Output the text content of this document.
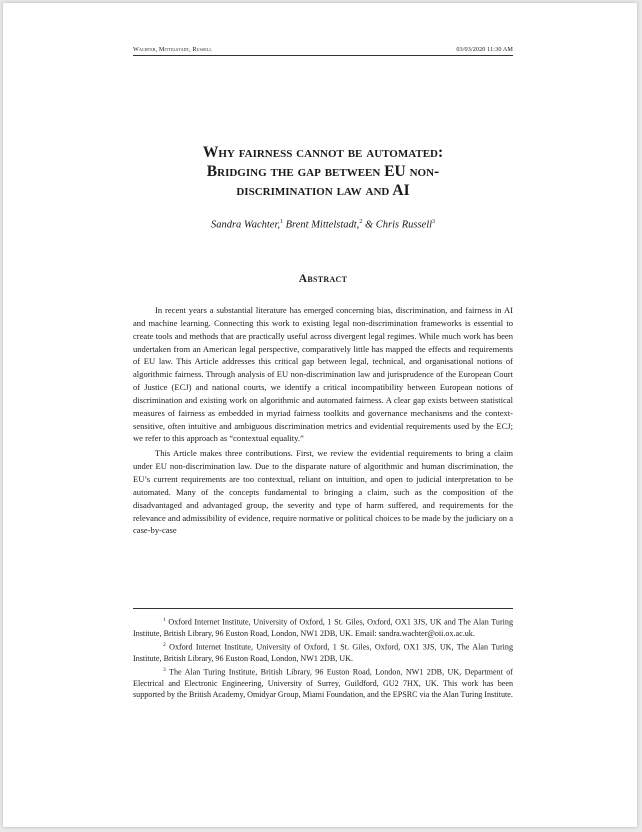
Wachter, Mittelstadt, Russell	03/03/2020 11:30 AM
Why fairness cannot be automated:
Bridging the gap between EU non-
discrimination law and AI
Sandra Wachter,$^1$ Brent Mittelstadt,$^2$ & Chris Russell$^3$
Abstract

In recent years a substantial literature has emerged concerning bias, discrimination, and fairness in AI and machine learning. Connecting this work to existing legal non-discrimination frameworks is essential to create tools and methods that are practically useful across divergent legal regimes. While much work has been undertaken from an American legal perspective, comparatively little has mapped the effects and requirements of EU law. This Article addresses this critical gap between legal, technical, and organisational notions of algorithmic fairness. Through analysis of EU non-discrimination law and jurisprudence of the European Court of Justice (ECJ) and national courts, we identify a critical incompatibility between European notions of discrimination and existing work on algorithmic and automated fairness. A clear gap exists between statistical measures of fairness as embedded in myriad fairness toolkits and governance mechanisms and the context-sensitive, often intuitive and ambiguous discrimination metrics and evidential requirements used by the ECJ; we refer to this approach as “contextual equality.”

This Article makes three contributions. First, we review the evidential requirements to bring a claim under EU non-discrimination law. Due to the disparate nature of algorithmic and human discrimination, the EU’s current requirements are too contextual, reliant on intuition, and open to judicial interpretation to be automated. Many of the concepts fundamental to bringing a claim, such as the composition of the disadvantaged and advantaged group, the severity and type of harm suffered, and requirements for the relevance and admissibility of evidence, require normative or political choices to be made by the judiciary on a case-by-case

$^1$ Oxford Internet Institute, University of Oxford, 1 St. Giles, Oxford, OX1 3JS, UK and The Alan Turing Institute, British Library, 96 Euston Road, London, NW1 2DB, UK. Email: sandra.wachter@oii.ox.ac.uk.

$^2$ Oxford Internet Institute, University of Oxford, 1 St. Giles, Oxford, OX1 3JS, UK, The Alan Turing Institute, British Library, 96 Euston Road, London, NW1 2DB, UK.

$^3$ The Alan Turing Institute, British Library, 96 Euston Road, London, NW1 2DB, UK, Department of Electrical and Electronic Engineering, University of Surrey, Guildford, GU2 7HX, UK. This work has been supported by the British Academy, Omidyar Group, Miami Foundation, and the EPSRC via the Alan Turing Institute.
